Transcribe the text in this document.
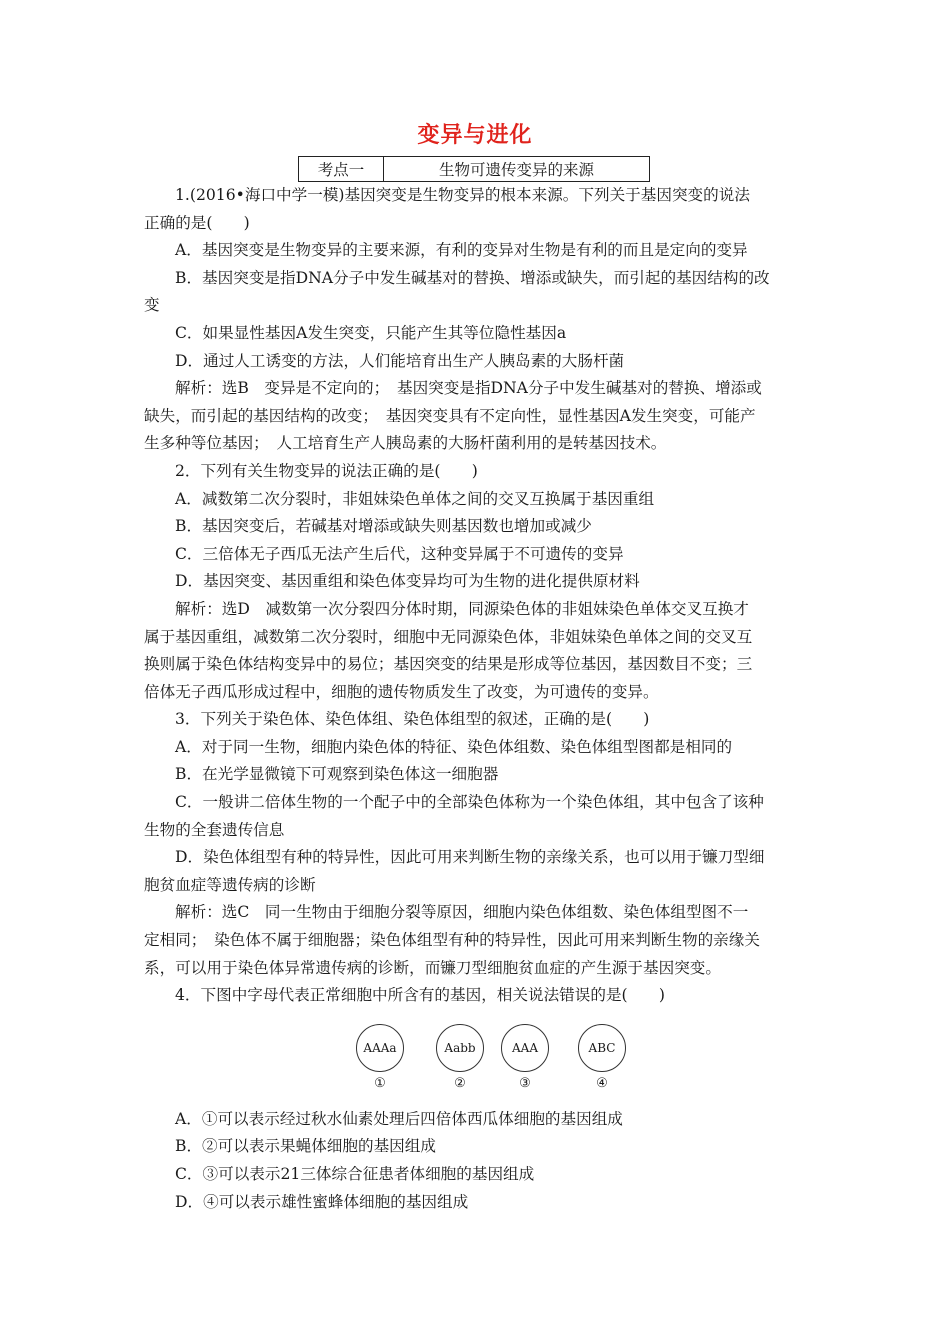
变异与进化
考点一	生物可遗传变异的来源
1.(2016•海口中学一模)基因突变是生物变异的根本来源。下列关于基因突变的说法
正确的是(　　)
A．基因突变是生物变异的主要来源，有利的变异对生物是有利的而且是定向的变异
B．基因突变是指DNA分子中发生碱基对的替换、增添或缺失，而引起的基因结构的改
变
C．如果显性基因A发生突变，只能产生其等位隐性基因a
D．通过人工诱变的方法，人们能培育出生产人胰岛素的大肠杆菌
解析：选B　变异是不定向的；　基因突变是指DNA分子中发生碱基对的替换、增添或
缺失，而引起的基因结构的改变；　基因突变具有不定向性，显性基因A发生突变，可能产
生多种等位基因；　人工培育生产人胰岛素的大肠杆菌利用的是转基因技术。
2．下列有关生物变异的说法正确的是(　　)
A．减数第二次分裂时，非姐妹染色单体之间的交叉互换属于基因重组
B．基因突变后，若碱基对增添或缺失则基因数也增加或减少
C．三倍体无子西瓜无法产生后代，这种变异属于不可遗传的变异
D．基因突变、基因重组和染色体变异均可为生物的进化提供原材料
解析：选D　减数第一次分裂四分体时期，同源染色体的非姐妹染色单体交叉互换才
属于基因重组，减数第二次分裂时，细胞中无同源染色体，非姐妹染色单体之间的交叉互
换则属于染色体结构变异中的易位；基因突变的结果是形成等位基因，基因数目不变；三
倍体无子西瓜形成过程中，细胞的遗传物质发生了改变，为可遗传的变异。
3．下列关于染色体、染色体组、染色体组型的叙述，正确的是(　　)
A．对于同一生物，细胞内染色体的特征、染色体组数、染色体组型图都是相同的
B．在光学显微镜下可观察到染色体这一细胞器
C．一般讲二倍体生物的一个配子中的全部染色体称为一个染色体组，其中包含了该种
生物的全套遗传信息
D．染色体组型有种的特异性，因此可用来判断生物的亲缘关系，也可以用于镰刀型细
胞贫血症等遗传病的诊断
解析：选C　同一生物由于细胞分裂等原因，细胞内染色体组数、染色体组型图不一
定相同；　染色体不属于细胞器；染色体组型有种的特异性，因此可用来判断生物的亲缘关
系，可以用于染色体异常遗传病的诊断，而镰刀型细胞贫血症的产生源于基因突变。
4．下图中字母代表正常细胞中所含有的基因，相关说法错误的是(　　)
AAAa
①
Aabb
②
AAA
③
ABC
④
A．①可以表示经过秋水仙素处理后四倍体西瓜体细胞的基因组成
B．②可以表示果蝇体细胞的基因组成
C．③可以表示21三体综合征患者体细胞的基因组成
D．④可以表示雄性蜜蜂体细胞的基因组成
